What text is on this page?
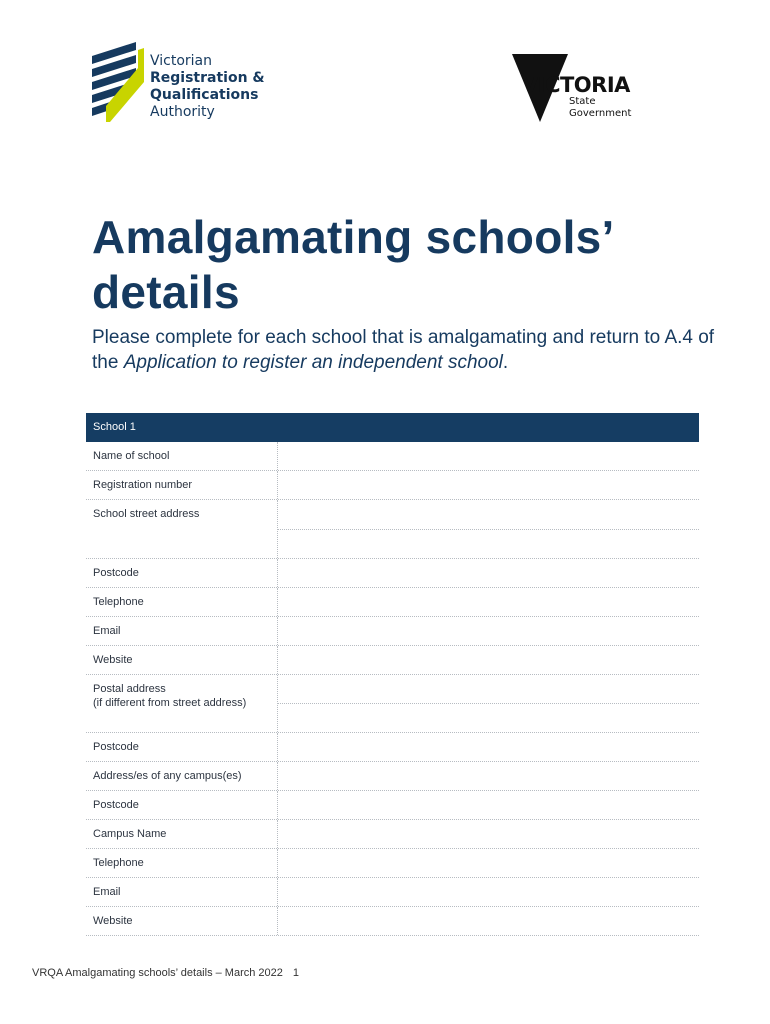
Victorian
Registration &
Qualifications
Authority
VICTORIA
State
Government
Amalgamating schools’ details

Please complete for each school that is amalgamating and return to A.4 of the Application to register an independent school.

School 1
Name of school
Registration number
School street address
Postcode
Telephone
Email
Website
Postal address
(if different from street address)
Postcode
Address/es of any campus(es)
Postcode
Campus Name
Telephone
Email
Website
VRQA Amalgamating schools’ details – March 2022 1
